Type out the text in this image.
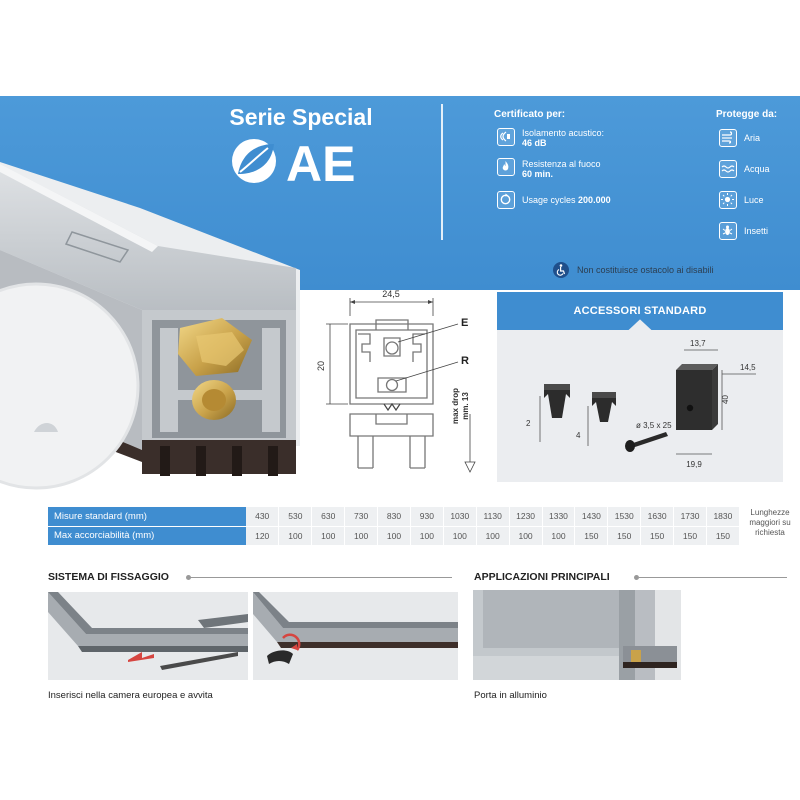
Serie Special
AE
Certificato per:
Isolamento acustico:
46 dB
Resistenza al fuoco
60 min.
Usage cycles 200.000
Protegge da:
Aria
Acqua
Luce
Insetti
Non costituisce ostacolo ai disabili
24,5
20
E
R
max drop mm. 13
ACCESSORI STANDARD
2
4
ø 3,5 x 25
13,7
14,5
40
19,9
Misure standard (mm)	430	530	630	730	830	930	1030	1130	1230	1330	1430	1530	1630	1730	1830
Max accorciabilità (mm)	120	100	100	100	100	100	100	100	100	100	150	150	150	150	150
Lunghezze maggiori su richiesta
SISTEMA DI FISSAGGIO	APPLICAZIONI PRINCIPALI
Inserisci nella camera europea e avvita	Porta in alluminio
